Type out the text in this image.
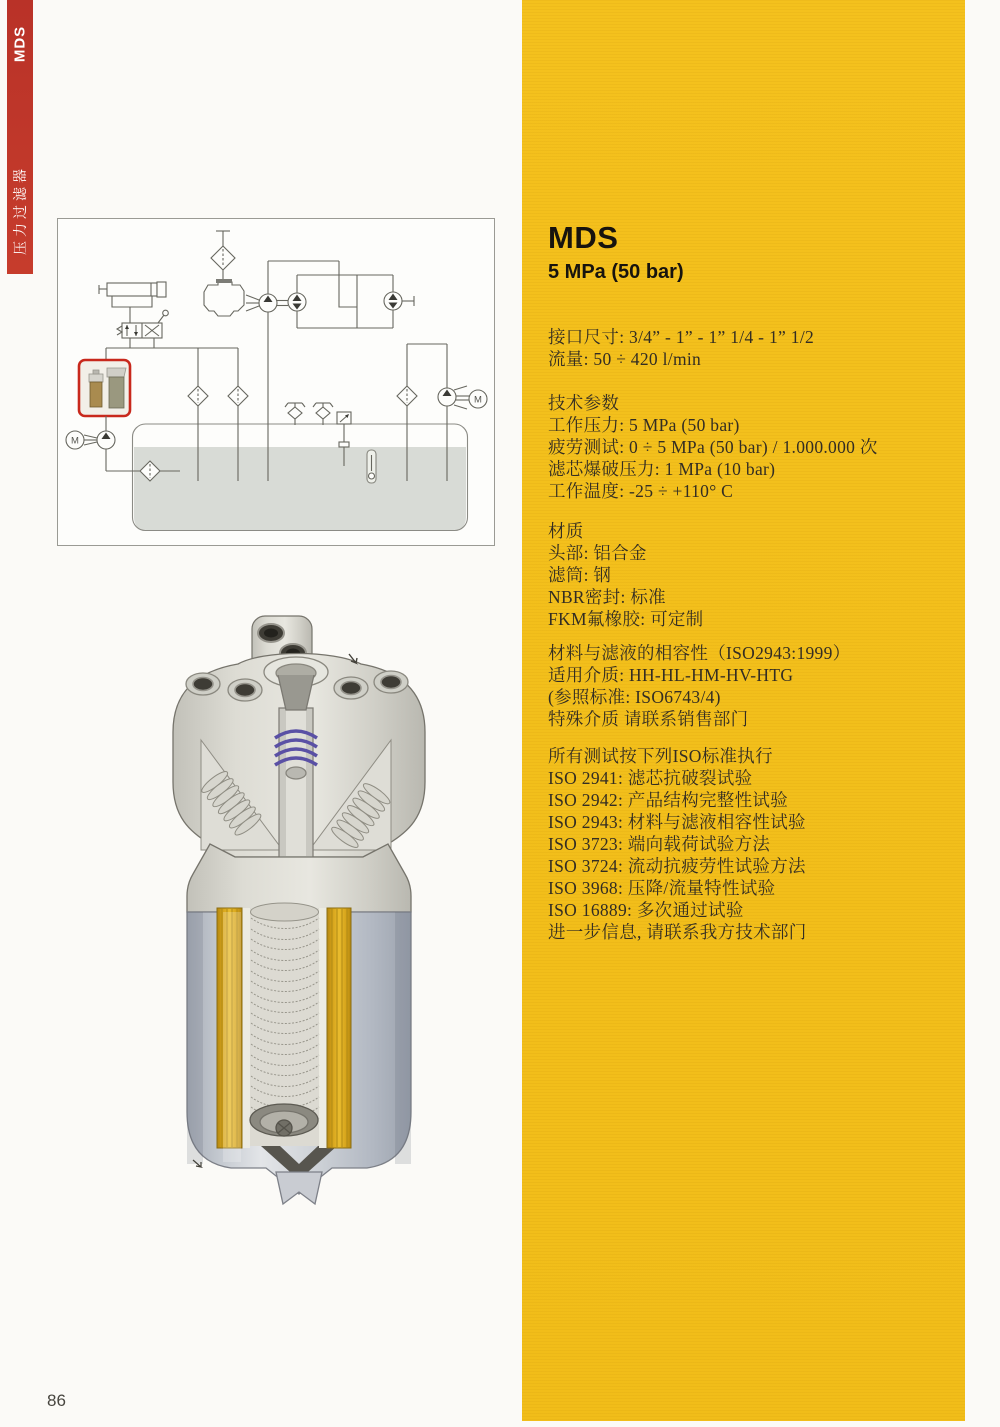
MDS
压力过滤器
M
M
MDS
5 MPa (50 bar)
接口尺寸: 3/4” - 1” - 1” 1/4 - 1” 1/2
流量: 50 ÷ 420 l/min
技术参数
工作压力: 5 MPa (50 bar)
疲劳测试: 0 ÷ 5 MPa (50 bar) / 1.000.000 次
滤芯爆破压力: 1 MPa (10 bar)
工作温度: -25 ÷ +110° C
材质
头部: 铝合金
滤筒: 钢
NBR密封: 标准
FKM氟橡胶: 可定制
材料与滤液的相容性（ISO2943:1999）
适用介质: HH-HL-HM-HV-HTG
(参照标准: ISO6743/4)
特殊介质 请联系销售部门
所有测试按下列ISO标准执行
ISO 2941: 滤芯抗破裂试验
ISO 2942: 产品结构完整性试验
ISO 2943: 材料与滤液相容性试验
ISO 3723: 端向载荷试验方法
ISO 3724: 流动抗疲劳性试验方法
ISO 3968: 压降/流量特性试验
ISO 16889: 多次通过试验
进一步信息, 请联系我方技术部门
86
